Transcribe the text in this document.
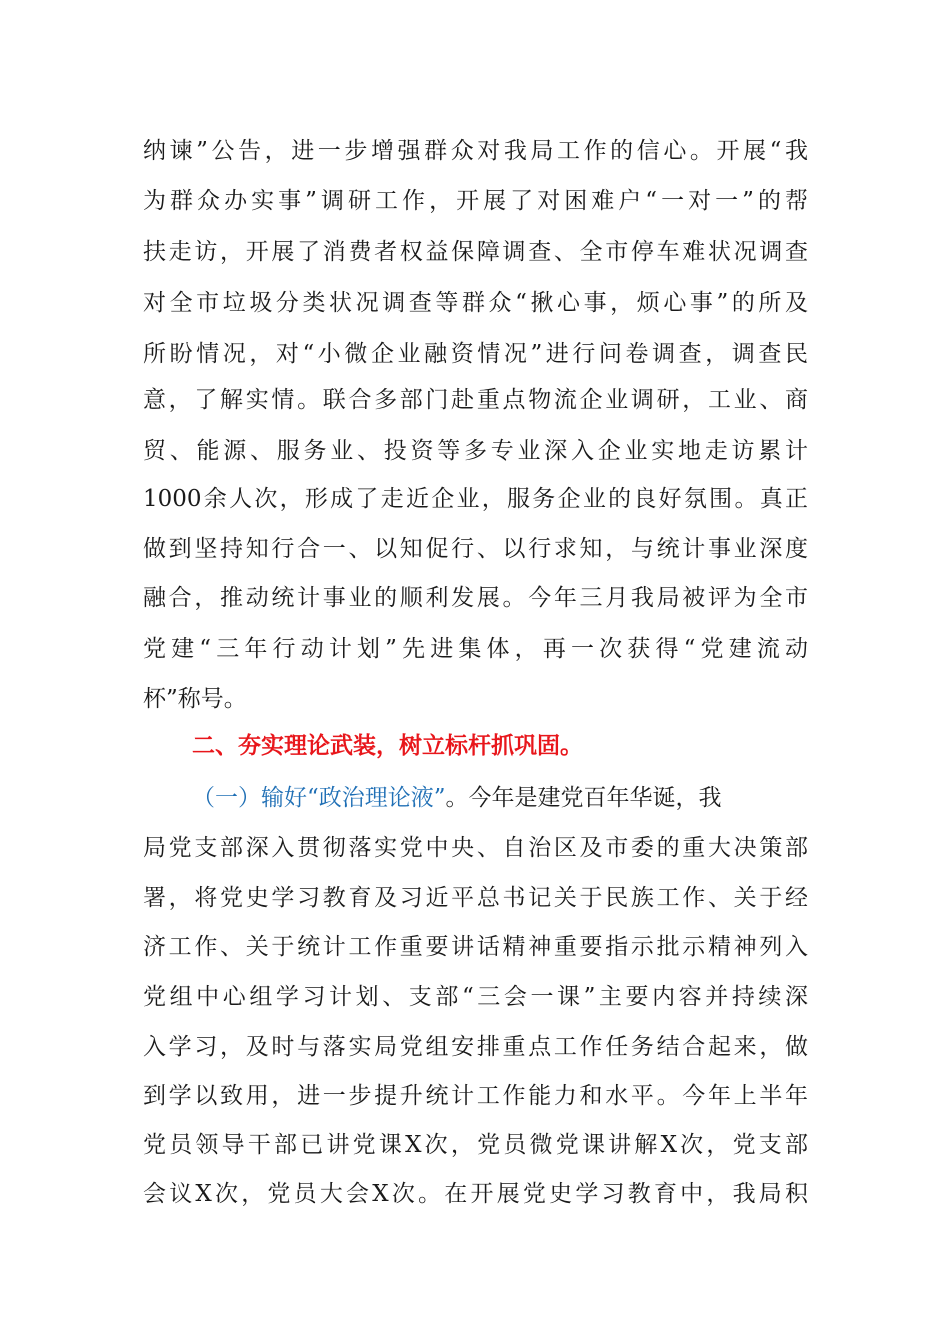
纳谏”公告，进一步增强群众对我局工作的信心。开展“我
为群众办实事”调研工作，开展了对困难户“一对一”的帮
扶走访，开展了消费者权益保障调查、全市停车难状况调查
对全市垃圾分类状况调查等群众“揪心事，烦心事”的所及
所盼情况，对“小微企业融资情况”进行问卷调查，调查民
意，了解实情。联合多部门赴重点物流企业调研，工业、商
贸、能源、服务业、投资等多专业深入企业实地走访累计
1000余人次，形成了走近企业，服务企业的良好氛围。真正
做到坚持知行合一、以知促行、以行求知，与统计事业深度
融合，推动统计事业的顺利发展。今年三月我局被评为全市
党建“三年行动计划”先进集体，再一次获得“党建流动
杯”称号。
二、夯实理论武装，树立标杆抓巩固。
（一）输好“政治理论液”。今年是建党百年华诞，我
局党支部深入贯彻落实党中央、自治区及市委的重大决策部
署，将党史学习教育及习近平总书记关于民族工作、关于经
济工作、关于统计工作重要讲话精神重要指示批示精神列入
党组中心组学习计划、支部“三会一课”主要内容并持续深
入学习，及时与落实局党组安排重点工作任务结合起来，做
到学以致用，进一步提升统计工作能力和水平。今年上半年
党员领导干部已讲党课X次，党员微党课讲解X次，党支部
会议X次，党员大会X次。在开展党史学习教育中，我局积
